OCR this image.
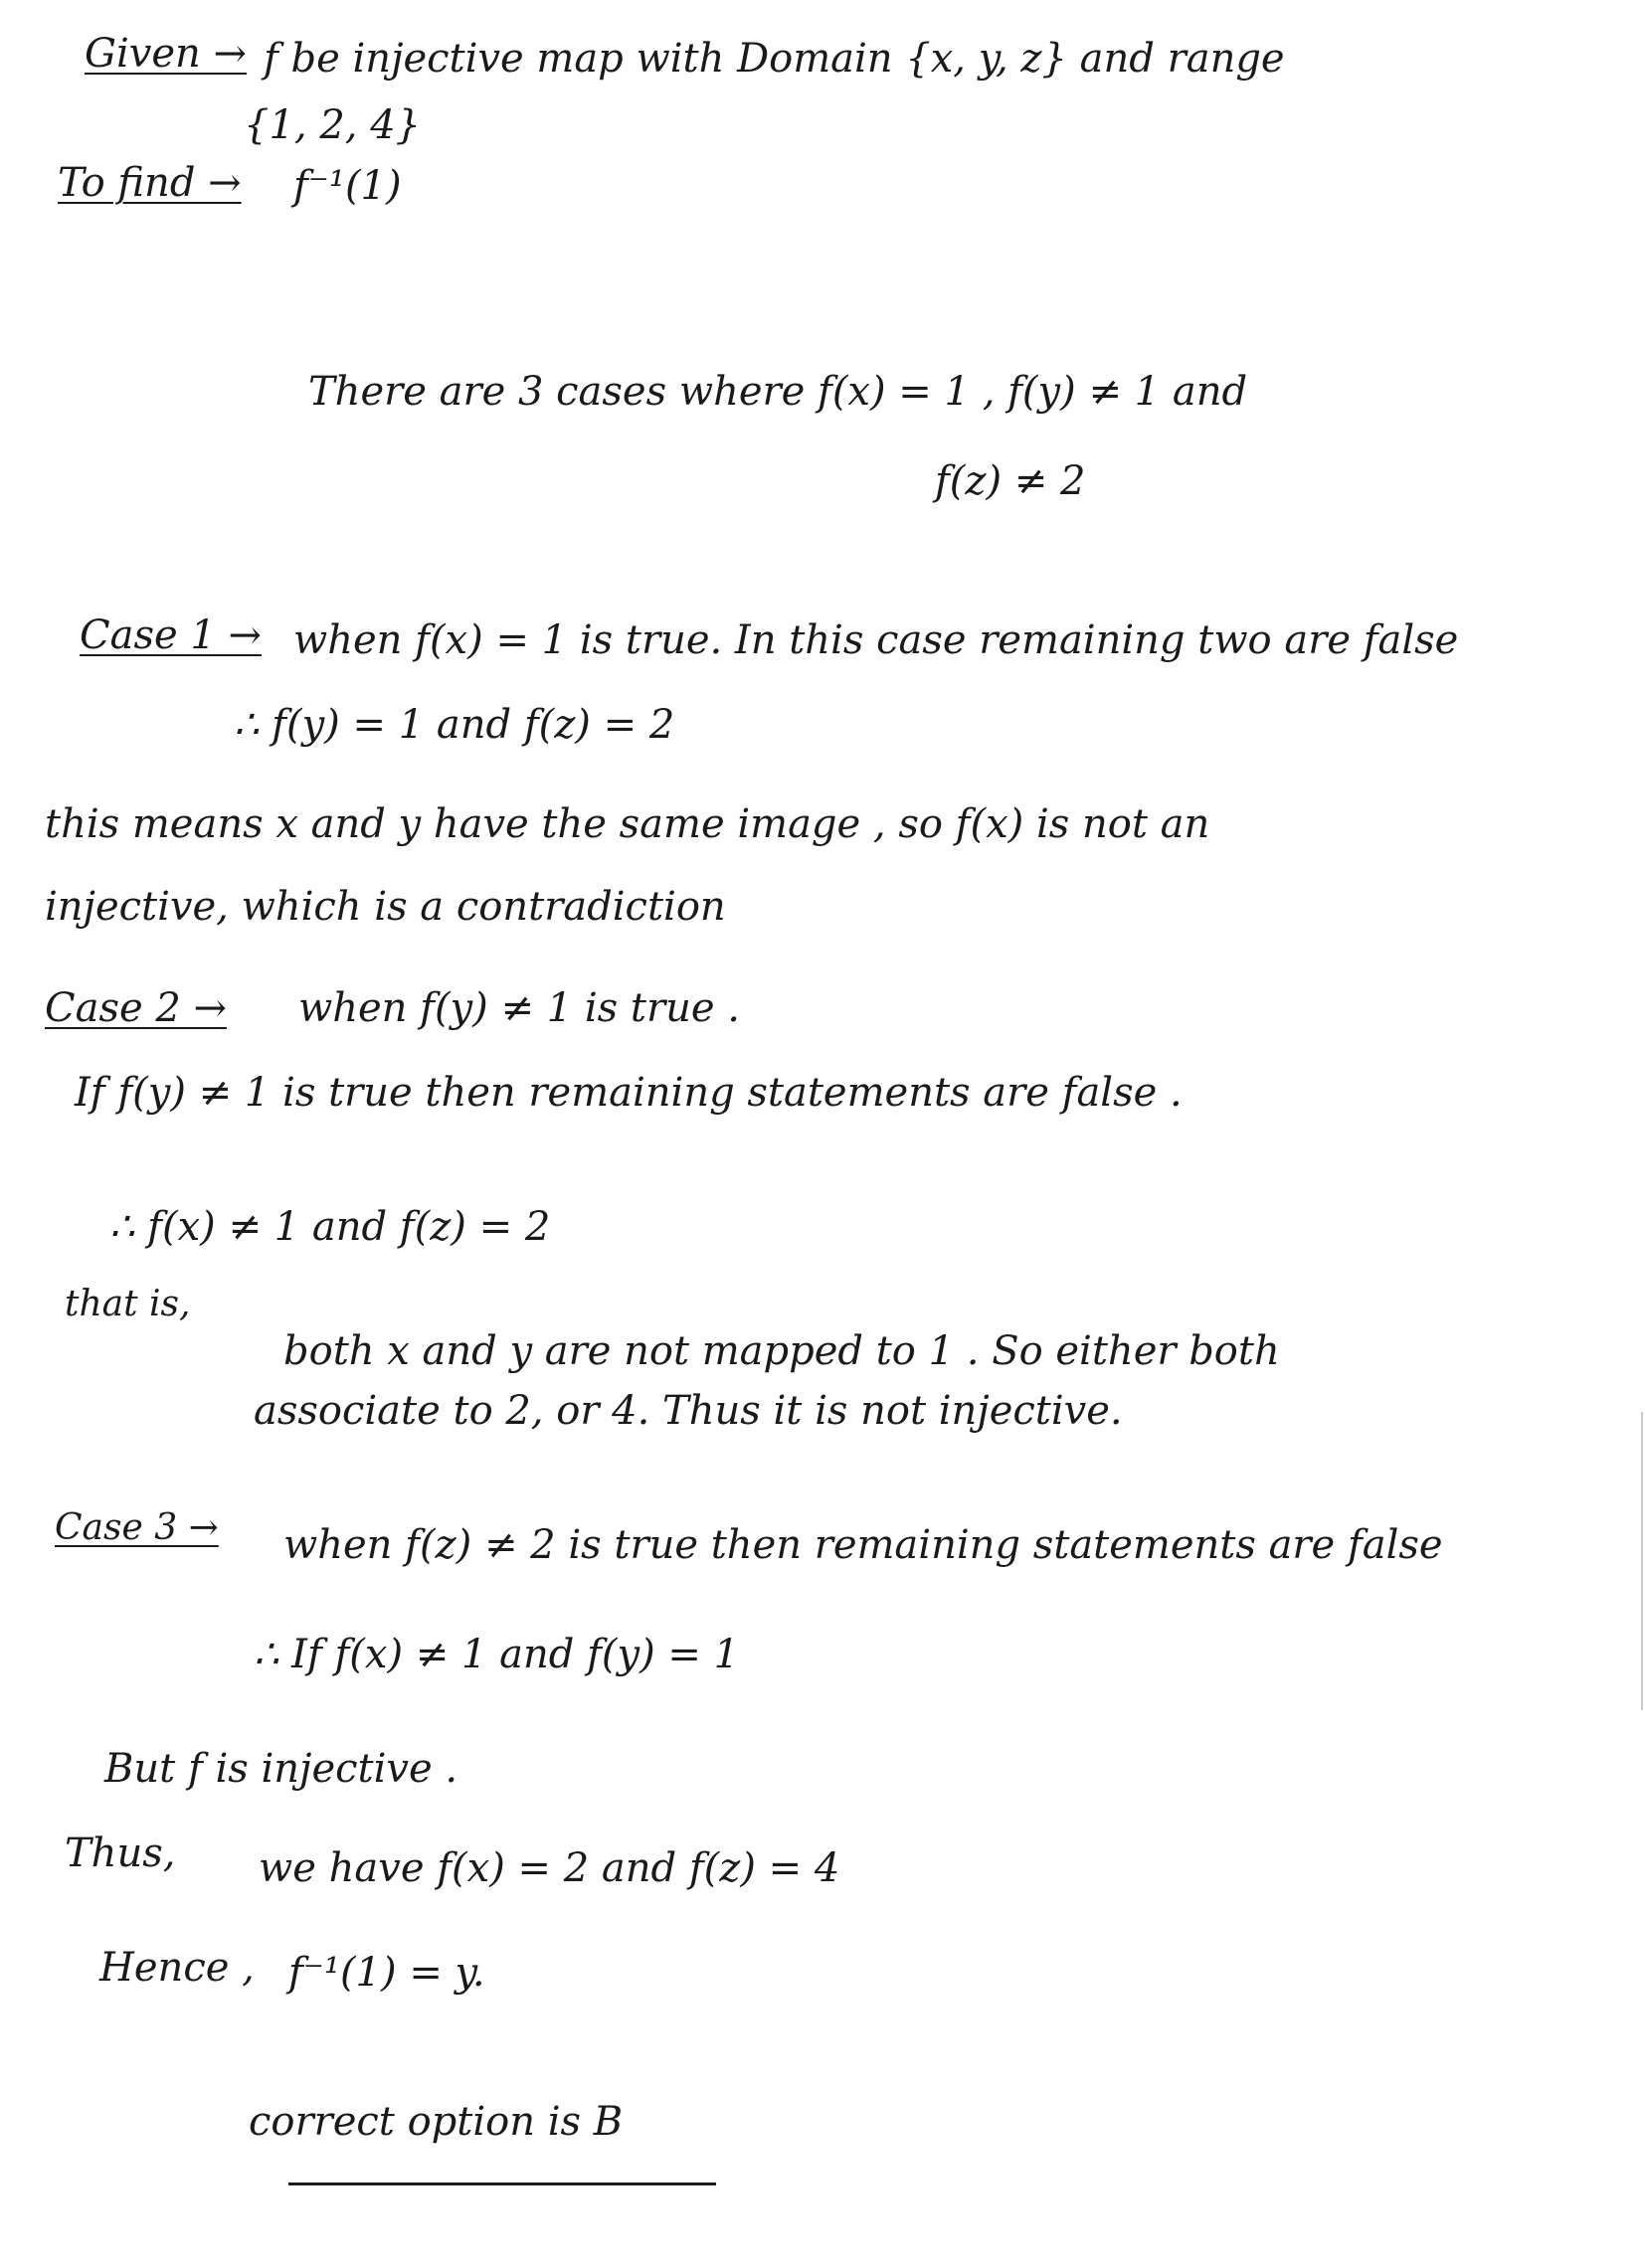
Given → f be injective map with Domain {x, y, z} and range
{1, 2, 4}
To find → f⁻¹(1)
There are 3 cases where f(x) = 1 , f(y) ≠ 1 and
f(z) ≠ 2
Case 1 → when f(x) = 1 is true. In this case remaining two are false
∴ f(y) = 1 and f(z) = 2
this means x and y have the same image , so f(x) is not an
injective, which is a contradiction
Case 2 → when f(y) ≠ 1 is true .
If f(y) ≠ 1 is true then remaining statements are false .
∴ f(x) ≠ 1 and f(z) = 2
that is,
both x and y are not mapped to 1 . So either both
associate to 2, or 4. Thus it is not injective.
Case 3 → when f(z) ≠ 2 is true then remaining statements are false
∴ If f(x) ≠ 1 and f(y) = 1
But f is injective .
Thus, we have f(x) = 2 and f(z) = 4
Hence , f⁻¹(1) = y.
correct option is B
